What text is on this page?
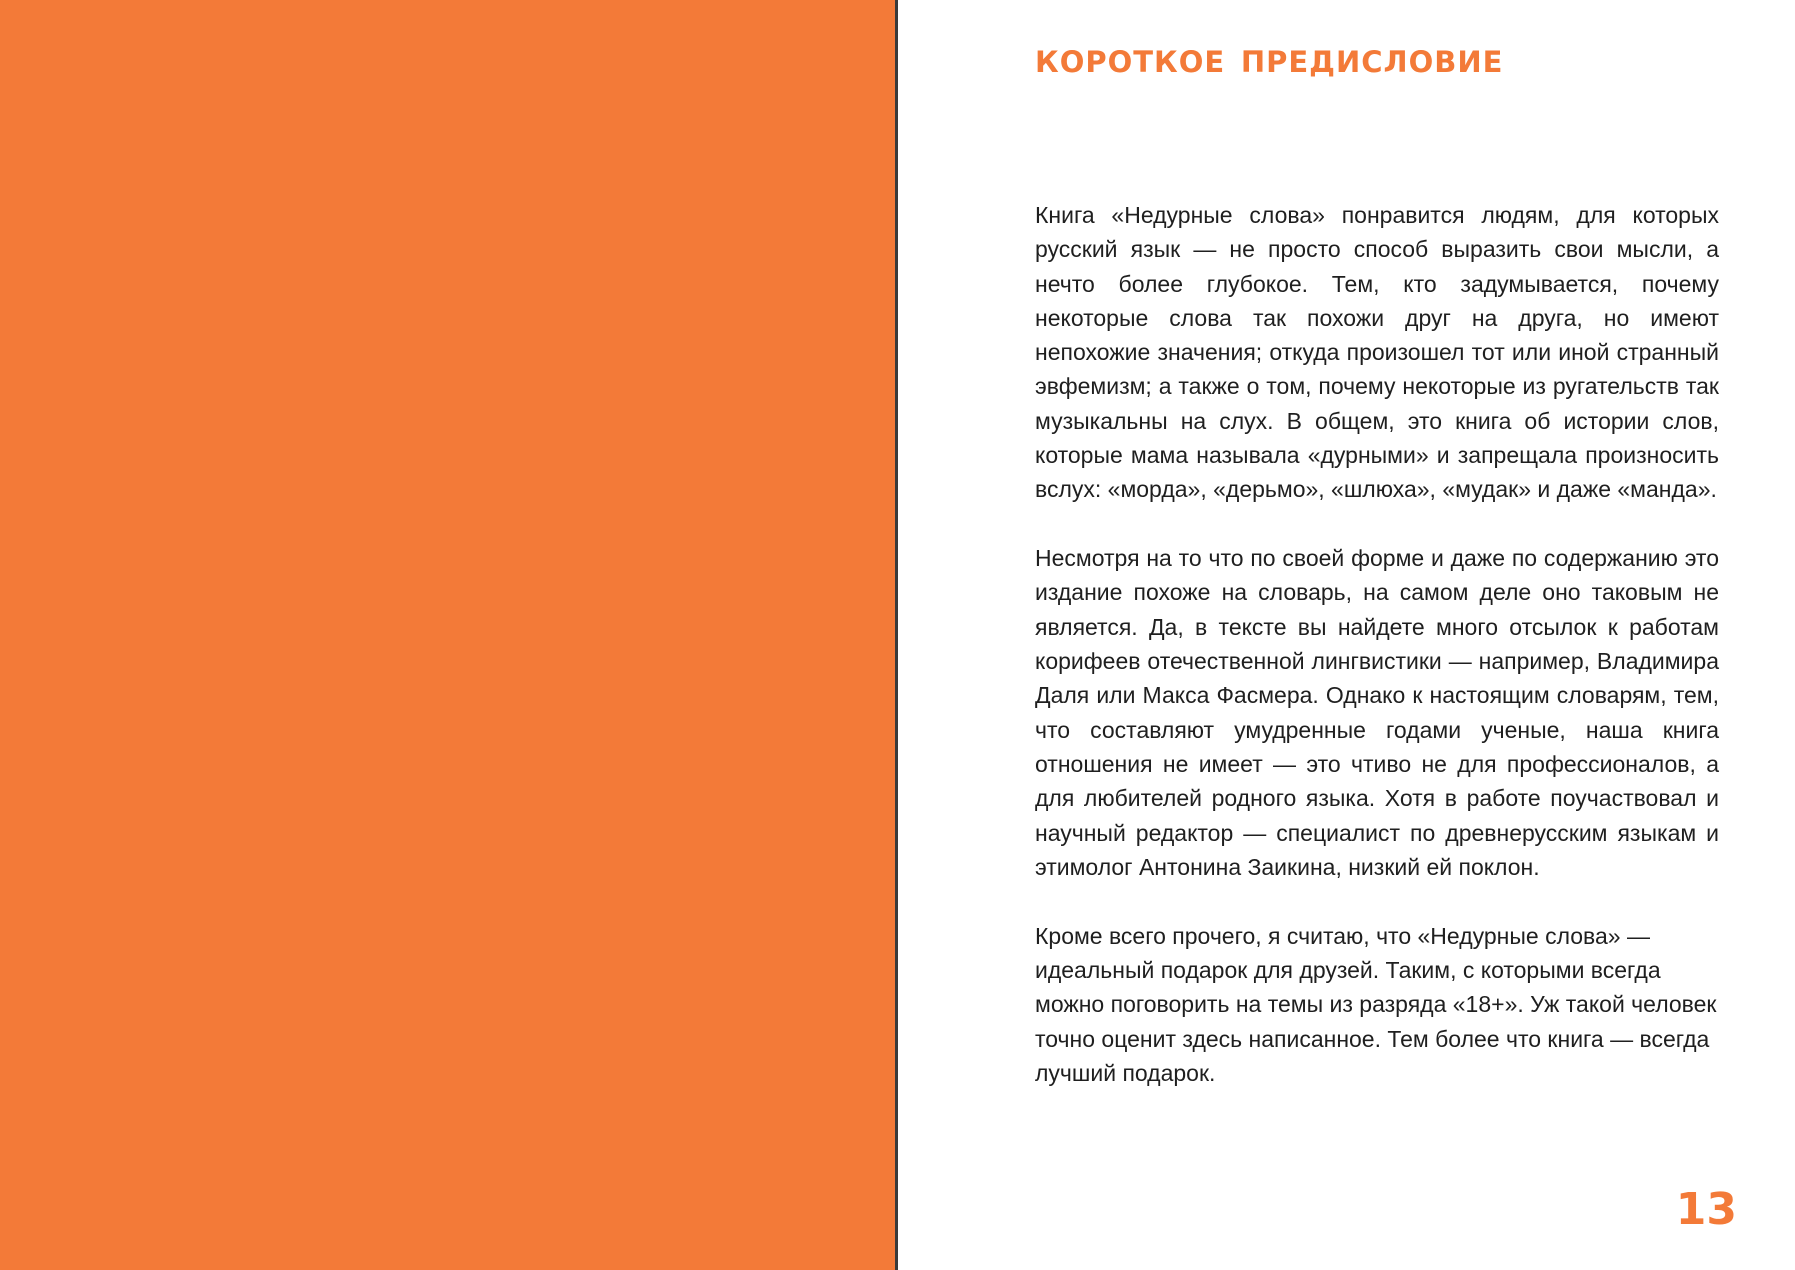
короткое предисловие

Книга «Недурные слова» понравится людям, для которых русский язык — не просто способ выразить свои мысли, а нечто более глубокое. Тем, кто задумывается, почему некоторые слова так похожи друг на друга, но имеют непохожие значения; откуда произошел тот или иной странный эвфемизм; а также о том, почему некоторые из ругательств так музыкальны на слух. В общем, это книга об истории слов, которые мама называла «дурными» и запрещала произносить вслух: «морда», «дерьмо», «шлюха», «мудак» и даже «манда».

Несмотря на то что по своей форме и даже по содержанию это издание похоже на словарь, на самом деле оно таковым не является. Да, в тексте вы найдете много отсылок к работам корифеев отечественной лингвистики — например, Владимира Даля или Макса Фасмера. Однако к настоящим словарям, тем, что составляют умудренные годами ученые, наша книга отношения не имеет — это чтиво не для профессионалов, а для любителей родного языка. Хотя в работе поучаствовал и научный редактор — специалист по древнерусским языкам и этимолог Антонина Заикина, низкий ей поклон.

Кроме всего прочего, я считаю, что «Недурные слова» — идеальный подарок для друзей. Таким, с которыми всегда можно поговорить на темы из разряда «18+». Уж такой человек точно оценит здесь написанное. Тем более что книга — всегда лучший подарок.

13
